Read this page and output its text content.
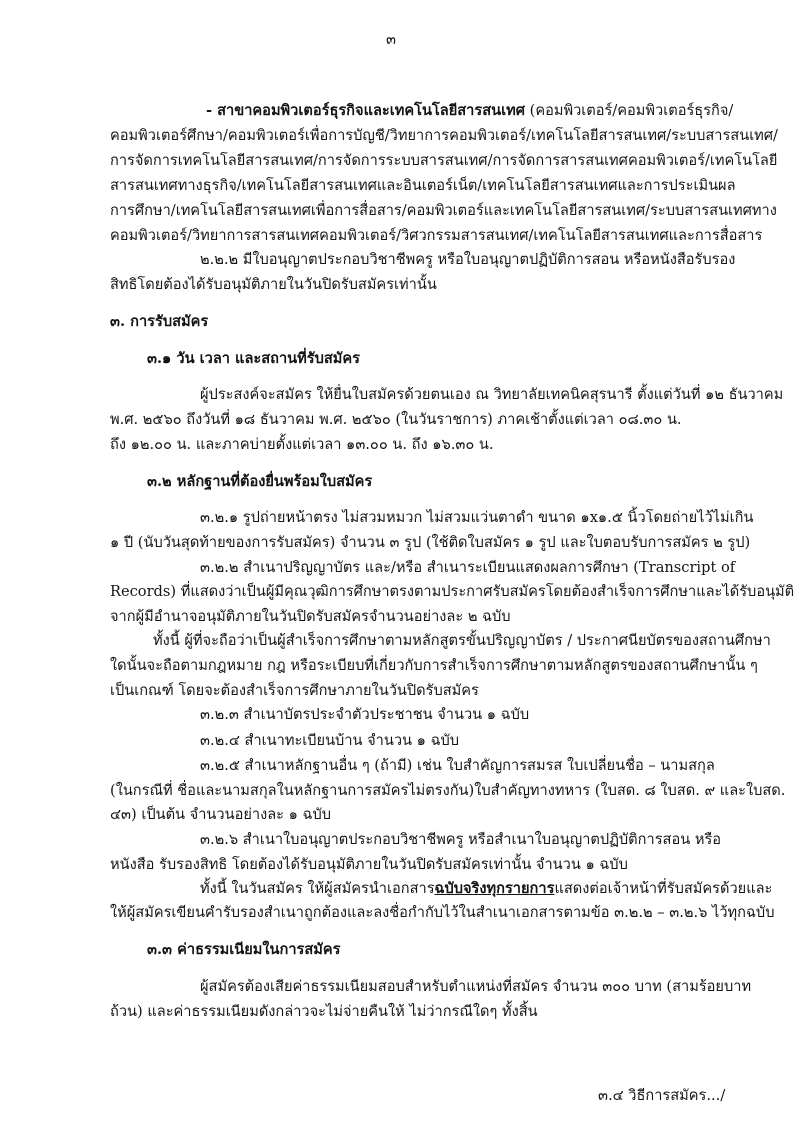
๓

- สาขาคอมพิวเตอร์ธุรกิจและเทคโนโลยีสารสนเทศ (คอมพิวเตอร์/คอมพิวเตอร์ธุรกิจ/

คอมพิวเตอร์ศึกษา/คอมพิวเตอร์เพื่อการบัญชี/วิทยาการคอมพิวเตอร์/เทคโนโลยีสารสนเทศ/ระบบสารสนเทศ/

การจัดการเทคโนโลยีสารสนเทศ/การจัดการระบบสารสนเทศ/การจัดการสารสนเทศคอมพิวเตอร์/เทคโนโลยี

สารสนเทศทางธุรกิจ/เทคโนโลยีสารสนเทศและอินเตอร์เน็ต/เทคโนโลยีสารสนเทศและการประเมินผล

การศึกษา/เทคโนโลยีสารสนเทศเพื่อการสื่อสาร/คอมพิวเตอร์และเทคโนโลยีสารสนเทศ/ระบบสารสนเทศทาง

คอมพิวเตอร์/วิทยาการสารสนเทศคอมพิวเตอร์/วิศวกรรมสารสนเทศ/เทคโนโลยีสารสนเทศและการสื่อสาร

๒.๒.๒ มีใบอนุญาตประกอบวิชาชีพครู หรือใบอนุญาตปฏิบัติการสอน หรือหนังสือรับรอง

สิทธิโดยต้องได้รับอนุมัติภายในวันปิดรับสมัครเท่านั้น

๓. การรับสมัคร

๓.๑ วัน เวลา และสถานที่รับสมัคร

ผู้ประสงค์จะสมัคร ให้ยื่นใบสมัครด้วยตนเอง ณ วิทยาลัยเทคนิคสุรนารี ตั้งแต่วันที่ ๑๒ ธันวาคม

พ.ศ. ๒๕๖๐ ถึงวันที่ ๑๘ ธันวาคม พ.ศ. ๒๕๖๐ (ในวันราชการ) ภาคเช้าตั้งแต่เวลา ๐๘.๓๐ น.

ถึง ๑๒.๐๐ น. และภาคบ่ายตั้งแต่เวลา ๑๓.๐๐ น. ถึง ๑๖.๓๐ น.

๓.๒ หลักฐานที่ต้องยื่นพร้อมใบสมัคร

๓.๒.๑ รูปถ่ายหน้าตรง ไม่สวมหมวก ไม่สวมแว่นตาดำ ขนาด ๑x๑.๕ นิ้วโดยถ่ายไว้ไม่เกิน

๑ ปี (นับวันสุดท้ายของการรับสมัคร) จำนวน ๓ รูป (ใช้ติดใบสมัคร ๑ รูป และใบตอบรับการสมัคร ๒ รูป)

๓.๒.๒ สำเนาปริญญาบัตร และ/หรือ สำเนาระเบียนแสดงผลการศึกษา (Transcript of

Records) ที่แสดงว่าเป็นผู้มีคุณวุฒิการศึกษาตรงตามประกาศรับสมัครโดยต้องสำเร็จการศึกษาและได้รับอนุมัติ

จากผู้มีอำนาจอนุมัติภายในวันปิดรับสมัครจำนวนอย่างละ ๒ ฉบับ

ทั้งนี้ ผู้ที่จะถือว่าเป็นผู้สำเร็จการศึกษาตามหลักสูตรขั้นปริญญาบัตร / ประกาศนียบัตรของสถานศึกษา

ใดนั้นจะถือตามกฎหมาย กฎ หรือระเบียบที่เกี่ยวกับการสำเร็จการศึกษาตามหลักสูตรของสถานศึกษานั้น ๆ

เป็นเกณฑ์ โดยจะต้องสำเร็จการศึกษาภายในวันปิดรับสมัคร

๓.๒.๓ สำเนาบัตรประจำตัวประชาชน จำนวน ๑ ฉบับ

๓.๒.๔ สำเนาทะเบียนบ้าน จำนวน ๑ ฉบับ

๓.๒.๕ สำเนาหลักฐานอื่น ๆ (ถ้ามี) เช่น ใบสำคัญการสมรส ใบเปลี่ยนชื่อ – นามสกุล

(ในกรณีที่ ชื่อและนามสกุลในหลักฐานการสมัครไม่ตรงกัน)ใบสำคัญทางทหาร (ใบสด. ๘ ใบสด. ๙ และใบสด.

๔๓) เป็นต้น จำนวนอย่างละ ๑ ฉบับ

๓.๒.๖ สำเนาใบอนุญาตประกอบวิชาชีพครู หรือสำเนาใบอนุญาตปฏิบัติการสอน หรือ

หนังสือ รับรองสิทธิ โดยต้องได้รับอนุมัติภายในวันปิดรับสมัครเท่านั้น จำนวน ๑ ฉบับ

ทั้งนี้ ในวันสมัคร ให้ผู้สมัครนำเอกสารฉบับจริงทุกรายการแสดงต่อเจ้าหน้าที่รับสมัครด้วยและ

ให้ผู้สมัครเขียนคำรับรองสำเนาถูกต้องและลงชื่อกำกับไว้ในสำเนาเอกสารตามข้อ ๓.๒.๒ – ๓.๒.๖ ไว้ทุกฉบับ

๓.๓ ค่าธรรมเนียมในการสมัคร

ผู้สมัครต้องเสียค่าธรรมเนียมสอบสำหรับตำแหน่งที่สมัคร จำนวน ๓๐๐ บาท (สามร้อยบาท

ถ้วน) และค่าธรรมเนียมดังกล่าวจะไม่จ่ายคืนให้ ไม่ว่ากรณีใดๆ ทั้งสิ้น

๓.๔ วิธีการสมัคร.../
